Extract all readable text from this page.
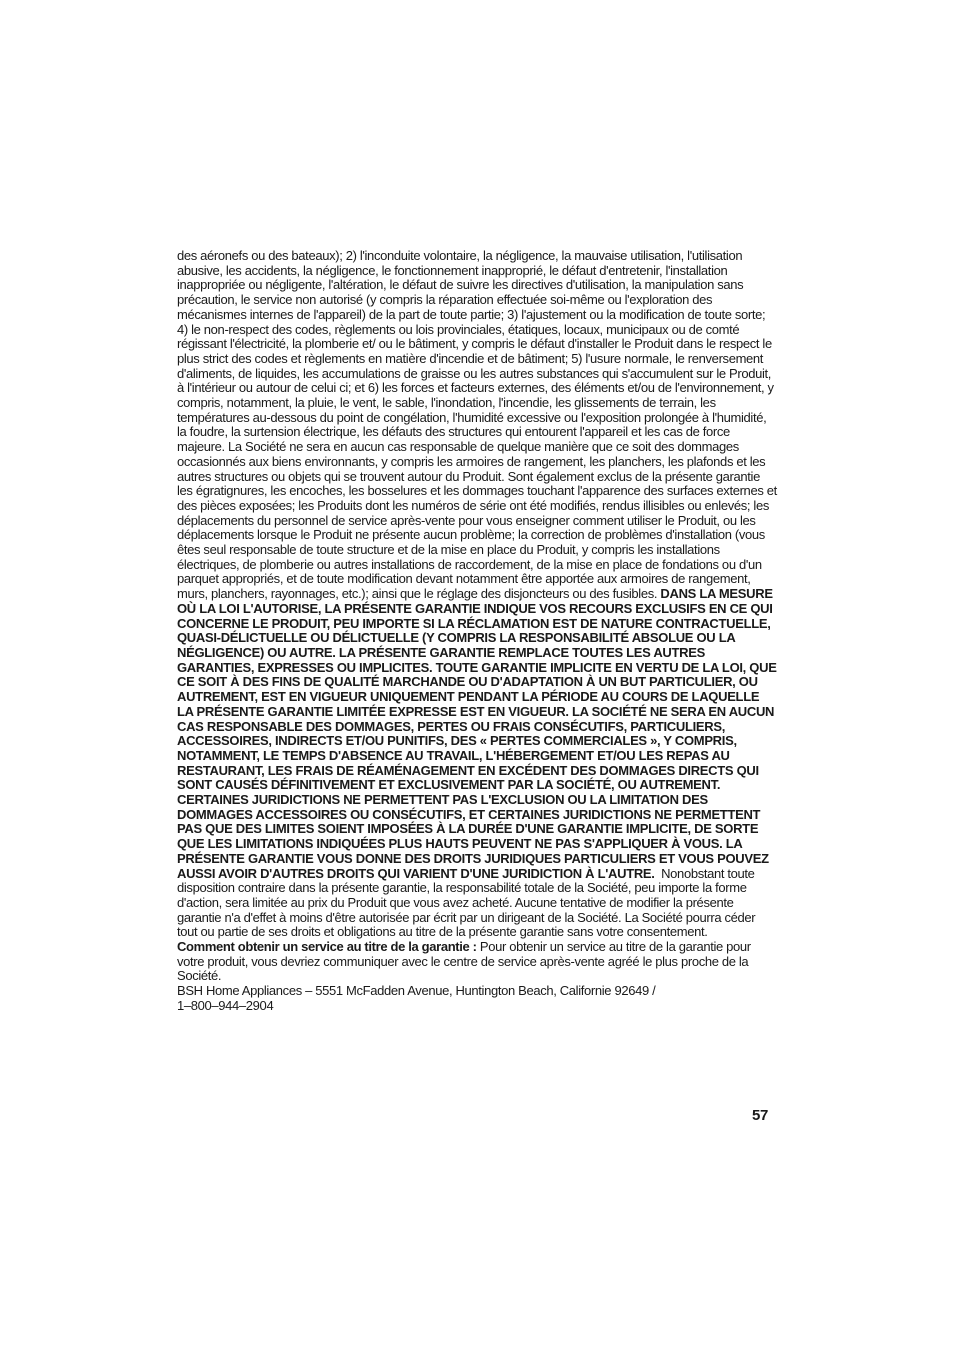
des aéronefs ou des bateaux); 2) l'inconduite volontaire, la négligence, la mauvaise utilisation, l'utilisation abusive, les accidents, la négligence, le fonctionnement inapproprié, le défaut d'entretenir, l'installation inappropriée ou négligente, l'altération, le défaut de suivre les directives d'utilisation, la manipulation sans précaution, le service non autorisé (y compris la réparation effectuée soi-même ou l'exploration des mécanismes internes de l'appareil) de la part de toute partie; 3) l'ajustement ou la modification de toute sorte; 4) le non-respect des codes, règlements ou lois provinciales, étatiques, locaux, municipaux ou de comté régissant l'électricité, la plomberie et/ ou le bâtiment, y compris le défaut d'installer le Produit dans le respect le plus strict des codes et règlements en matière d'incendie et de bâtiment; 5) l'usure normale, le renversement d'aliments, de liquides, les accumulations de graisse ou les autres substances qui s'accumulent sur le Produit, à l'intérieur ou autour de celui ci; et 6) les forces et facteurs externes, des éléments et/ou de l'environnement, y compris, notamment, la pluie, le vent, le sable, l'inondation, l'incendie, les glissements de terrain, les températures au-dessous du point de congélation, l'humidité excessive ou l'exposition prolongée à l'humidité, la foudre, la surtension électrique, les défauts des structures qui entourent l'appareil et les cas de force majeure. La Société ne sera en aucun cas responsable de quelque manière que ce soit des dommages occasionnés aux biens environnants, y compris les armoires de rangement, les planchers, les plafonds et les autres structures ou objets qui se trouvent autour du Produit. Sont également exclus de la présente garantie les égratignures, les encoches, les bosselures et les dommages touchant l'apparence des surfaces externes et des pièces exposées; les Produits dont les numéros de série ont été modifiés, rendus illisibles ou enlevés; les déplacements du personnel de service après-vente pour vous enseigner comment utiliser le Produit, ou les déplacements lorsque le Produit ne présente aucun problème; la correction de problèmes d'installation (vous êtes seul responsable de toute structure et de la mise en place du Produit, y compris les installations électriques, de plomberie ou autres installations de raccordement, de la mise en place de fondations ou d'un parquet appropriés, et de toute modification devant notamment être apportée aux armoires de rangement, murs, planchers, rayonnages, etc.); ainsi que le réglage des disjoncteurs ou des fusibles. DANS LA MESURE OÙ LA LOI L'AUTORISE, LA PRÉSENTE GARANTIE INDIQUE VOS RECOURS EXCLUSIFS EN CE QUI CONCERNE LE PRODUIT, PEU IMPORTE SI LA RÉCLAMATION EST DE NATURE CONTRACTUELLE, QUASI-DÉLICTUELLE OU DÉLICTUELLE (Y COMPRIS LA RESPONSABILITÉ ABSOLUE OU LA NÉGLIGENCE) OU AUTRE. LA PRÉSENTE GARANTIE REMPLACE TOUTES LES AUTRES GARANTIES, EXPRESSES OU IMPLICITES. TOUTE GARANTIE IMPLICITE EN VERTU DE LA LOI, QUE CE SOIT À DES FINS DE QUALITÉ MARCHANDE OU D'ADAPTATION À UN BUT PARTICULIER, OU AUTREMENT, EST EN VIGUEUR UNIQUEMENT PENDANT LA PÉRIODE AU COURS DE LAQUELLE LA PRÉSENTE GARANTIE LIMITÉE EXPRESSE EST EN VIGUEUR. LA SOCIÉTÉ NE SERA EN AUCUN CAS RESPONSABLE DES DOMMAGES, PERTES OU FRAIS CONSÉCUTIFS, PARTICULIERS, ACCESSOIRES, INDIRECTS ET/OU PUNITIFS, DES « PERTES COMMERCIALES », Y COMPRIS, NOTAMMENT, LE TEMPS D'ABSENCE AU TRAVAIL, L'HÉBERGEMENT ET/OU LES REPAS AU RESTAURANT, LES FRAIS DE RÉAMÉNAGEMENT EN EXCÉDENT DES DOMMAGES DIRECTS QUI SONT CAUSÉS DÉFINITIVEMENT ET EXCLUSIVEMENT PAR LA SOCIÉTÉ, OU AUTREMENT. CERTAINES JURIDICTIONS NE PERMETTENT PAS L'EXCLUSION OU LA LIMITATION DES DOMMAGES ACCESSOIRES OU CONSÉCUTIFS, ET CERTAINES JURIDICTIONS NE PERMETTENT PAS QUE DES LIMITES SOIENT IMPOSÉES À LA DURÉE D'UNE GARANTIE IMPLICITE, DE SORTE QUE LES LIMITATIONS INDIQUÉES PLUS HAUTS PEUVENT NE PAS S'APPLIQUER À VOUS. LA PRÉSENTE GARANTIE VOUS DONNE DES DROITS JURIDIQUES PARTICULIERS ET VOUS POUVEZ AUSSI AVOIR D'AUTRES DROITS QUI VARIENT D'UNE JURIDICTION À L'AUTRE. Nonobstant toute disposition contraire dans la présente garantie, la responsabilité totale de la Société, peu importe la forme d'action, sera limitée au prix du Produit que vous avez acheté. Aucune tentative de modifier la présente garantie n'a d'effet à moins d'être autorisée par écrit par un dirigeant de la Société. La Société pourra céder tout ou partie de ses droits et obligations au titre de la présente garantie sans votre consentement.

Comment obtenir un service au titre de la garantie : Pour obtenir un service au titre de la garantie pour votre produit, vous devriez communiquer avec le centre de service après-vente agréé le plus proche de la Société.

BSH Home Appliances – 5551 McFadden Avenue, Huntington Beach, Californie 92649 /

1–800–944–2904

57
